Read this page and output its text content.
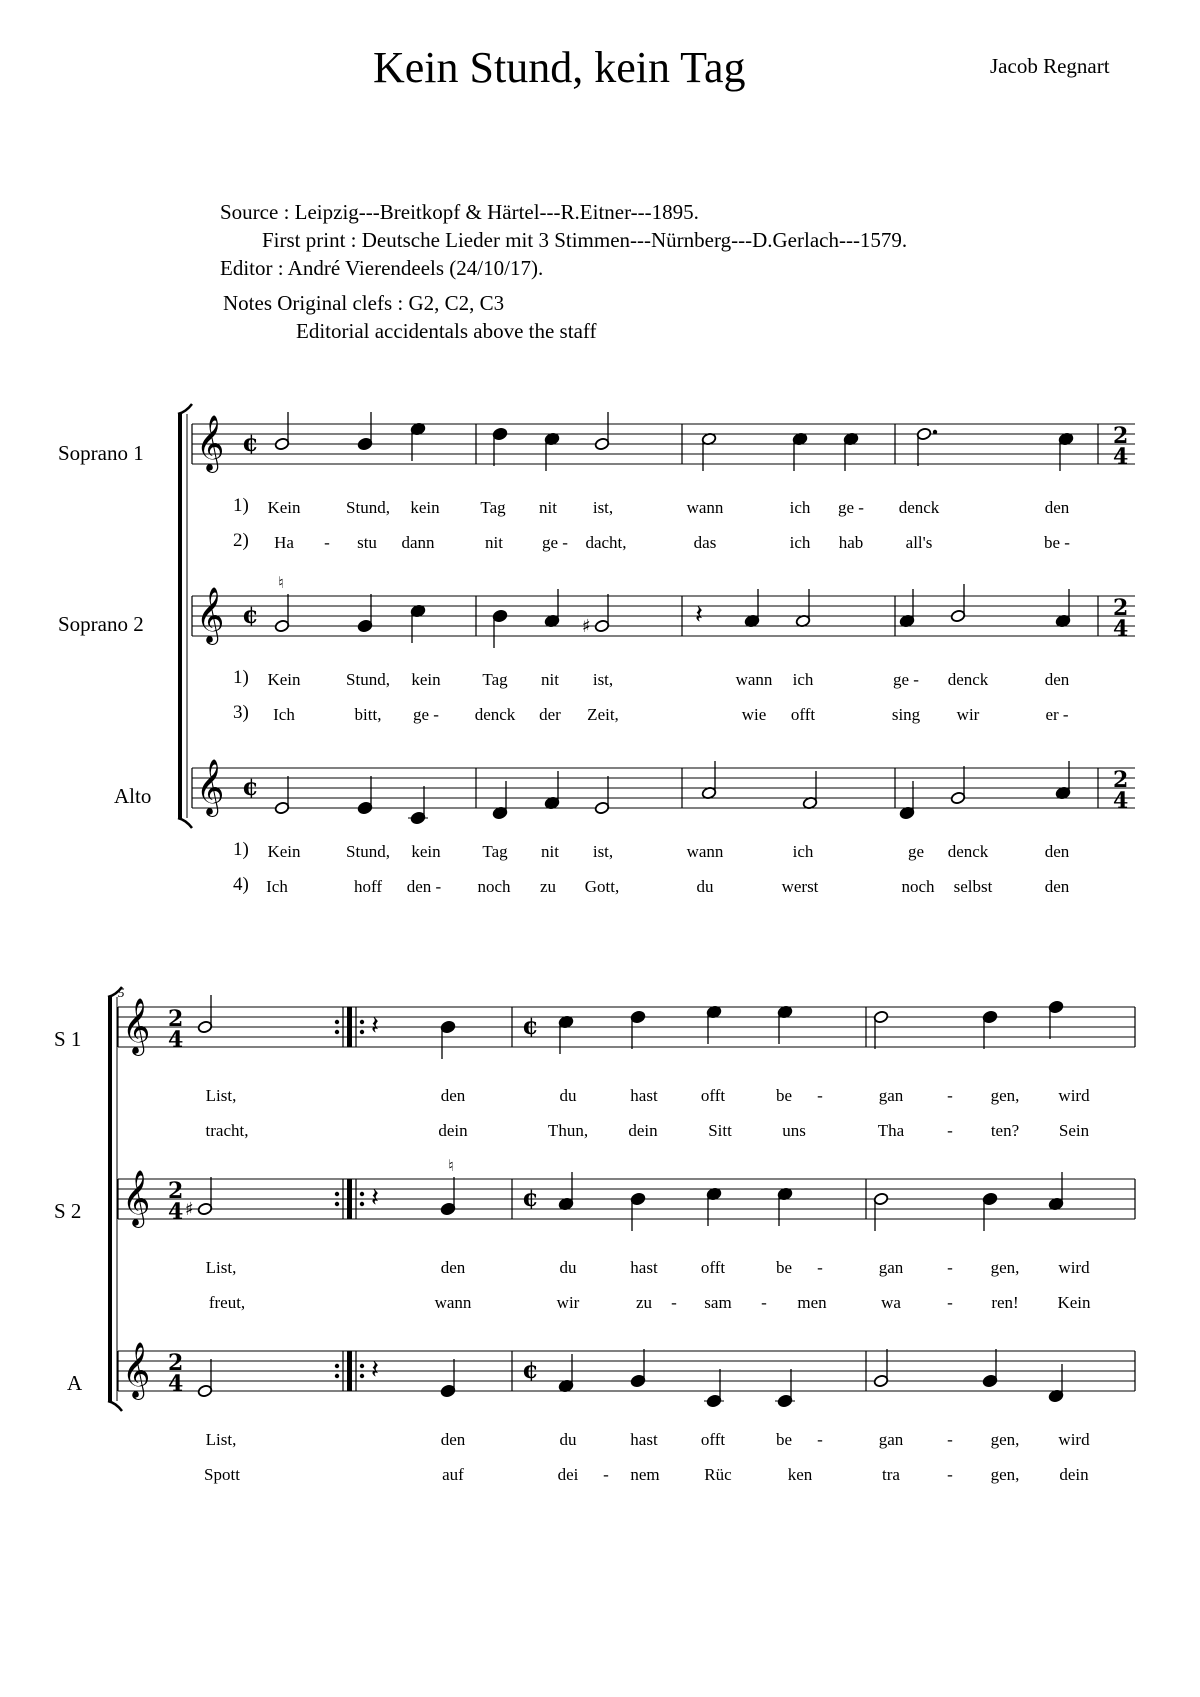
Kein Stund, kein Tag	Jacob Regnart
Source : Leipzig---Breitkopf & Härtel---R.Eitner---1895.
First print : Deutsche Lieder mit 3 Stimmen---Nürnberg---D.Gerlach---1579.
Editor : André Vierendeels (24/10/17).
Notes Original clefs : G2, C2, C3
Editorial accidentals above the staff
Soprano 1
Soprano 2
Alto
S 1
S 2
A
5
𝄞 ¢	2
4
𝄞 ¢	2
4
𝄞 ¢	2
4
𝄞 2
4	¢
𝄞 2
4	¢
𝄞 2
4	¢
♮
♯	𝄽
𝄽
♯	𝄽
♮
𝄽
1) Kein	Stund, kein Tag nit ist,	wann	ich ge - denck	den
2) Ha - stu dann	nit ge - dacht,	das	ich hab all's	be -
1) Kein	Stund, kein Tag nit ist,	wann ich	ge - denck	den
3) Ich	bitt, ge - denck der Zeit,	wie offt	sing wir	er -
1) Kein	Stund, kein Tag nit ist,	wann	ich	ge denck	den
4) Ich	hoff den - noch zu Gott,	du	werst	noch selbst	den
List,	den	du	hast	offt	be -	gan	- gen, wird
tracht,	dein	Thun, dein	Sitt	uns	Tha	- ten? Sein
List,	den	du	hast	offt	be -	gan	- gen, wird
freut,	wann	wir	zu - sam - men	wa	- ren! Kein
List,	den	du	hast	offt	be -	gan	- gen, wird
Spott	auf	dei - nem	Rüc	ken	tra	- gen, dein
